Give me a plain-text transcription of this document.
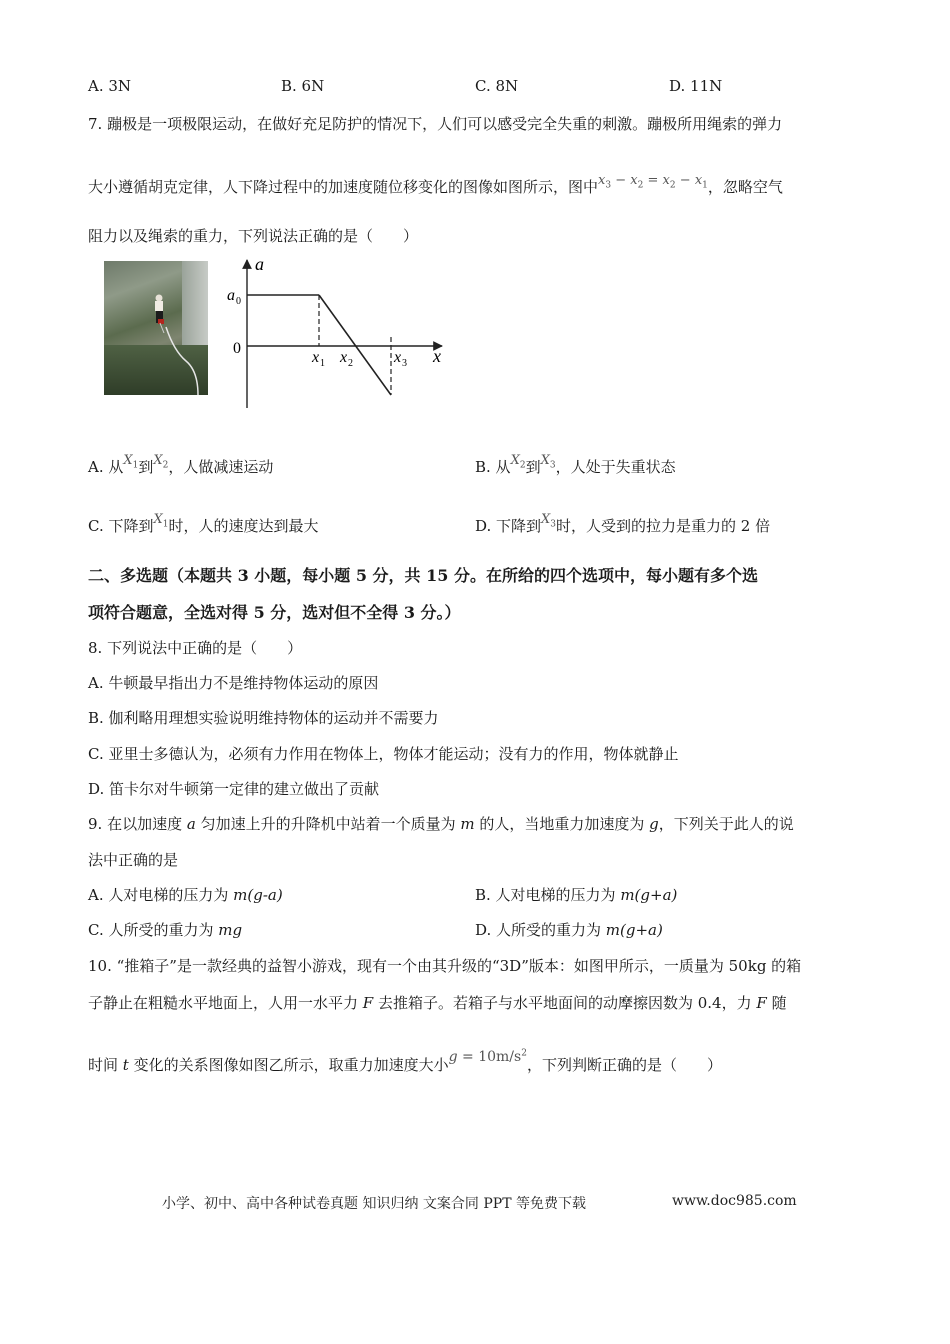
A. 3N	B. 6N	C. 8N	D. 11N
7. 蹦极是一项极限运动，在做好充足防护的情况下，人们可以感受完全失重的刺激。蹦极所用绳索的弹力
大小遵循胡克定律，人下降过程中的加速度随位移变化的图像如图所示，图中$x_3 - x_2 = x_2 - x_1$，忽略空气
阻力以及绳索的重力，下列说法正确的是（　　）
a
a 0
0	x
x 1 x 2	x 3
A. 从$X_1$到$X_2$，人做减速运动	B. 从$X_2$到$X_3$，人处于失重状态
C. 下降到$X_1$时，人的速度达到最大	D. 下降到$X_3$时，人受到的拉力是重力的 2 倍
二、多选题（本题共 3 小题，每小题 5 分，共 15 分。在所给的四个选项中，每小题有多个选
项符合题意，全选对得 5 分，选对但不全得 3 分。）
8. 下列说法中正确的是（　　）
A. 牛顿最早指出力不是维持物体运动的原因
B. 伽利略用理想实验说明维持物体的运动并不需要力
C. 亚里士多德认为，必须有力作用在物体上，物体才能运动；没有力的作用，物体就静止
D. 笛卡尔对牛顿第一定律的建立做出了贡献
9. 在以加速度 a 匀加速上升的升降机中站着一个质量为 m 的人，当地重力加速度为 g，下列关于此人的说
法中正确的是
A. 人对电梯的压力为 m(g-a)	B. 人对电梯的压力为 m(g+a)
C. 人所受的重力为 mg	D. 人所受的重力为 m(g+a)
10. “推箱子”是一款经典的益智小游戏，现有一个由其升级的“3D”版本：如图甲所示，一质量为 50kg 的箱
子静止在粗糙水平地面上，人用一水平力 F 去推箱子。若箱子与水平地面间的动摩擦因数为 0.4，力 F 随
时间 t 变化的关系图像如图乙所示，取重力加速度大小$g = 10m/s^2$，下列判断正确的是（　　）
小学、初中、高中各种试卷真题 知识归纳 文案合同 PPT 等免费下载	www.doc985.com
